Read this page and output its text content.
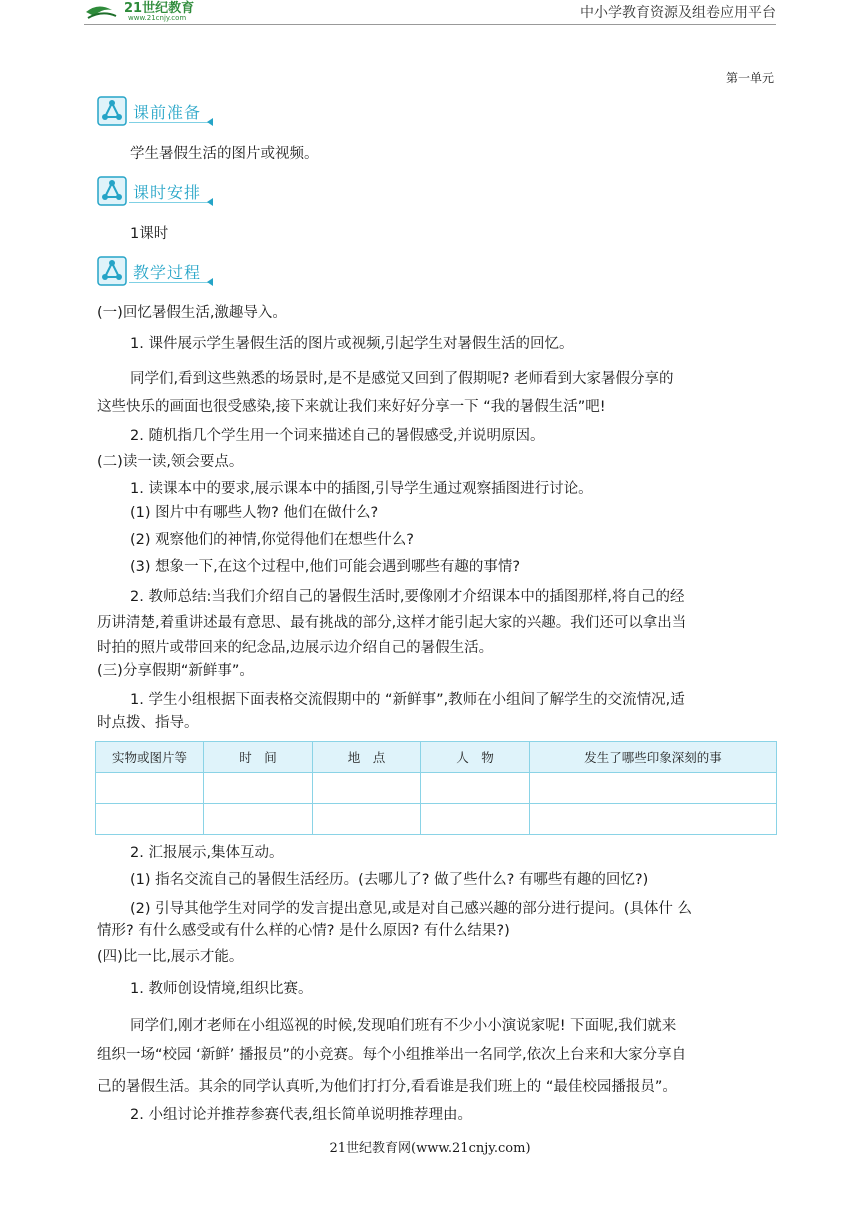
21世纪教育
www.21cnjy.com	中小学教育资源及组卷应用平台
第一单元
课前准备
学生暑假生活的图片或视频。
课时安排
1课时
教学过程
(一)回忆暑假生活,激趣导入。
1. 课件展示学生暑假生活的图片或视频,引起学生对暑假生活的回忆。
同学们,看到这些熟悉的场景时,是不是感觉又回到了假期呢? 老师看到大家暑假分享的
这些快乐的画面也很受感染,接下来就让我们来好好分享一下 “我的暑假生活”吧!
2. 随机指几个学生用一个词来描述自己的暑假感受,并说明原因。
(二)读一读,领会要点。
1. 读课本中的要求,展示课本中的插图,引导学生通过观察插图进行讨论。
(1) 图片中有哪些人物? 他们在做什么?
(2) 观察他们的神情,你觉得他们在想些什么?
(3) 想象一下,在这个过程中,他们可能会遇到哪些有趣的事情?
2. 教师总结:当我们介绍自己的暑假生活时,要像刚才介绍课本中的插图那样,将自己的经
历讲清楚,着重讲述最有意思、最有挑战的部分,这样才能引起大家的兴趣。我们还可以拿出当
时拍的照片或带回来的纪念品,边展示边介绍自己的暑假生活。
(三)分享假期“新鲜事”。
1. 学生小组根据下面表格交流假期中的 “新鲜事”,教师在小组间了解学生的交流情况,适
时点拨、指导。
实物或图片等	时　间	地　点	人　物	发生了哪些印象深刻的事

2. 汇报展示,集体互动。
(1) 指名交流自己的暑假生活经历。(去哪儿了? 做了些什么? 有哪些有趣的回忆?)
(2) 引导其他学生对同学的发言提出意见,或是对自己感兴趣的部分进行提问。(具体什 么
情形? 有什么感受或有什么样的心情? 是什么原因? 有什么结果?)
(四)比一比,展示才能。
1. 教师创设情境,组织比赛。
同学们,刚才老师在小组巡视的时候,发现咱们班有不少小小演说家呢! 下面呢,我们就来
组织一场“校园 ‘新鲜’ 播报员”的小竞赛。每个小组推举出一名同学,依次上台来和大家分享自
己的暑假生活。其余的同学认真听,为他们打打分,看看谁是我们班上的 “最佳校园播报员”。
2. 小组讨论并推荐参赛代表,组长简单说明推荐理由。
21世纪教育网(www.21cnjy.com)
